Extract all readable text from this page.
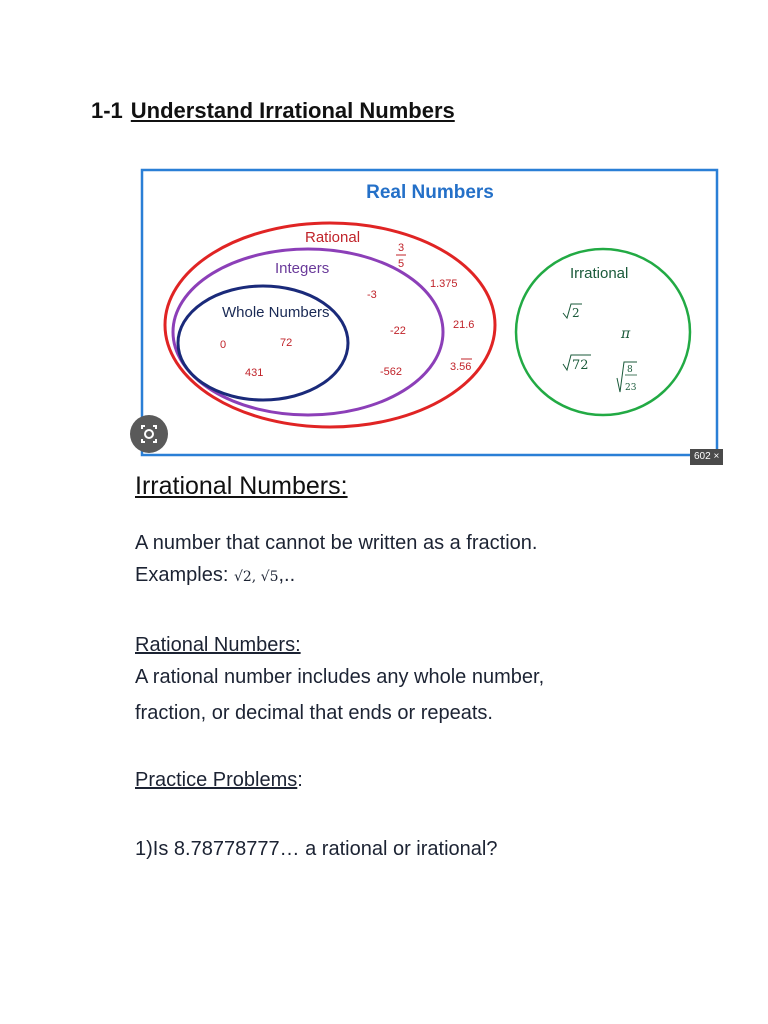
1-1 Understand Irrational Numbers
Real Numbers
Rational
Integers
Whole Numbers
Irrational
0	72
431
-3
-22
-562
3
5
1.375
21.6
3.56
2
π
72	8
23
602 ×
Irrational Numbers:
A number that cannot be written as a fraction.
Examples: √2, √5,..
Rational Numbers:
A rational number includes any whole number,
fraction, or decimal that ends or repeats.
Practice Problems:
1)Is 8.78778777… a rational or irational?
